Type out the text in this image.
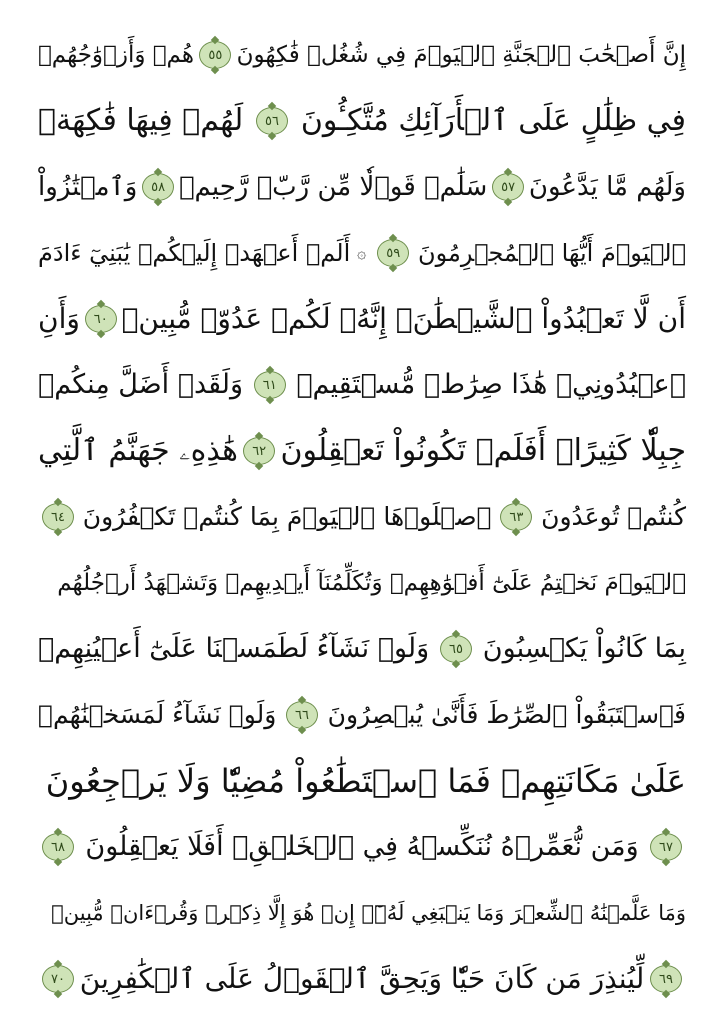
إِنَّ أَصۡحَٰبَ ٱلۡجَنَّةِ ٱلۡيَوۡمَ فِي شُغُلٖ فَٰكِهُونَ
٥٥
هُمۡ وَأَزۡوَٰجُهُمۡ
فِي ظِلَٰلٍ عَلَى ٱلۡأَرَآئِكِ مُتَّكِـُٔونَ
٥٦
لَهُمۡ فِيهَا فَٰكِهَةٞ
وَلَهُم مَّا يَدَّعُونَ
٥٧
سَلَٰمٞ قَوۡلٗا مِّن رَّبّٖ رَّحِيمٖ
٥٨
وَٱمۡتَٰزُواْ
ٱلۡيَوۡمَ أَيُّهَا ٱلۡمُجۡرِمُونَ
٥٩
۞
أَلَمۡ أَعۡهَدۡ إِلَيۡكُمۡ يَٰبَنِيٓ ءَادَمَ
أَن لَّا تَعۡبُدُواْ ٱلشَّيۡطَٰنَۖ إِنَّهُۥ لَكُمۡ عَدُوّٞ مُّبِينٞ
٦٠
وَأَنِ
ٱعۡبُدُونِيۚ هَٰذَا صِرَٰطٞ مُّسۡتَقِيمٞ
٦١
وَلَقَدۡ أَضَلَّ مِنكُمۡ
جِبِلّٗا كَثِيرًاۖ أَفَلَمۡ تَكُونُواْ تَعۡقِلُونَ
٦٢
هَٰذِهِۦ جَهَنَّمُ ٱلَّتِي
كُنتُمۡ تُوعَدُونَ
٦٣
ٱصۡلَوۡهَا ٱلۡيَوۡمَ بِمَا كُنتُمۡ تَكۡفُرُونَ
٦٤
ٱلۡيَوۡمَ نَخۡتِمُ عَلَىٰٓ أَفۡوَٰهِهِمۡ وَتُكَلِّمُنَآ أَيۡدِيهِمۡ وَتَشۡهَدُ أَرۡجُلُهُم
بِمَا كَانُواْ يَكۡسِبُونَ
٦٥
وَلَوۡ نَشَآءُ لَطَمَسۡنَا عَلَىٰٓ أَعۡيُنِهِمۡ
فَٱسۡتَبَقُواْ ٱلصِّرَٰطَ فَأَنَّىٰ يُبۡصِرُونَ
٦٦
وَلَوۡ نَشَآءُ لَمَسَخۡنَٰهُمۡ
عَلَىٰ مَكَانَتِهِمۡ فَمَا ٱسۡتَطَٰعُواْ مُضِيّٗا وَلَا يَرۡجِعُونَ
٦٧
وَمَن نُّعَمِّرۡهُ نُنَكِّسۡهُ فِي ٱلۡخَلۡقِۚ أَفَلَا يَعۡقِلُونَ
٦٨
وَمَا عَلَّمۡنَٰهُ ٱلشِّعۡرَ وَمَا يَنۢبَغِي لَهُۥٓۚ إِنۡ هُوَ إِلَّا ذِكۡرٞ وَقُرۡءَانٞ مُّبِينٞ
٦٩
لِّيُنذِرَ مَن كَانَ حَيّٗا وَيَحِقَّ ٱلۡقَوۡلُ عَلَى ٱلۡكَٰفِرِينَ
٧٠
